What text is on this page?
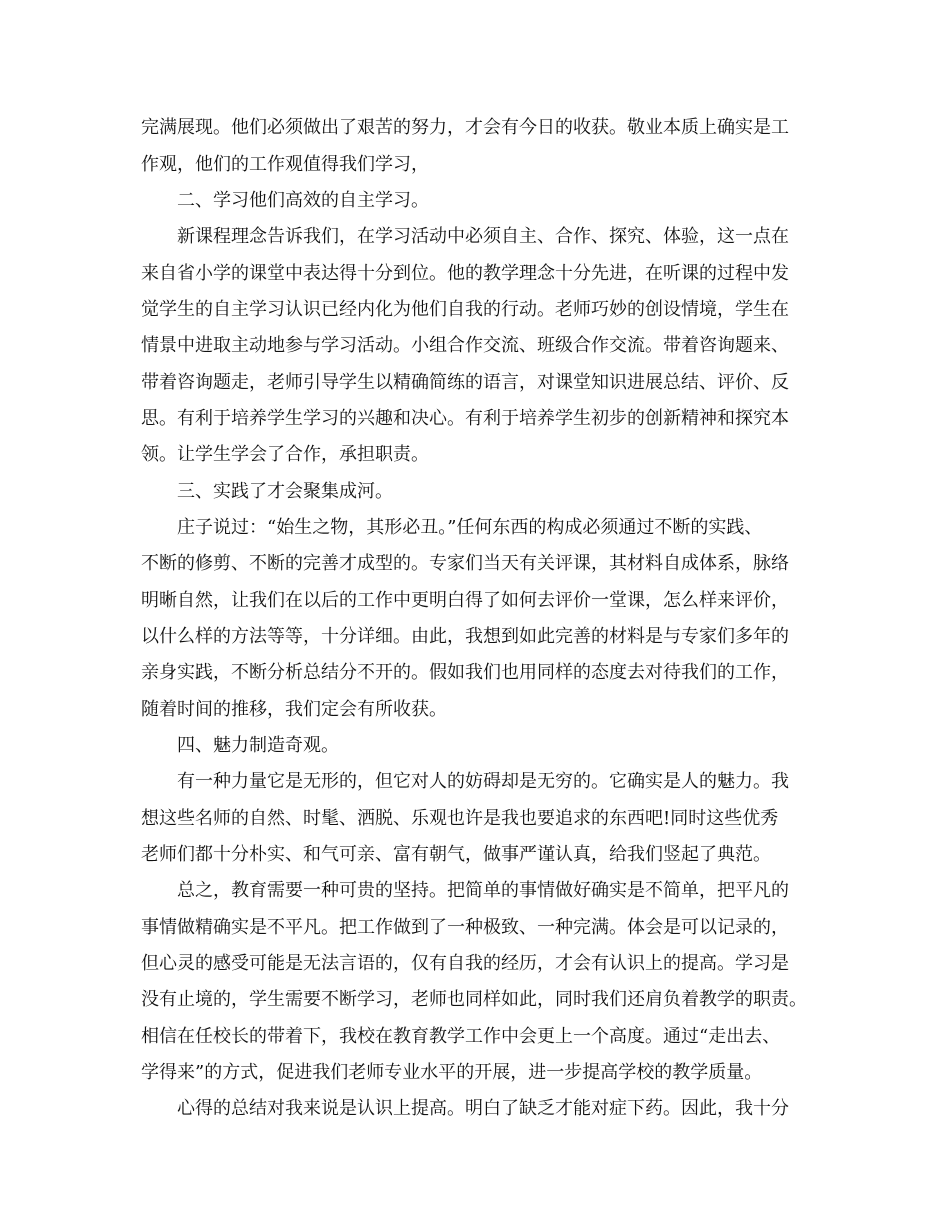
完满展现。他们必须做出了艰苦的努力，才会有今日的收获。敬业本质上确实是工

作观，他们的工作观值得我们学习，

二、学习他们高效的自主学习。

新课程理念告诉我们，在学习活动中必须自主、合作、探究、体验，这一点在

来自省小学的课堂中表达得十分到位。他的教学理念十分先进，在听课的过程中发

觉学生的自主学习认识已经内化为他们自我的行动。老师巧妙的创设情境，学生在

情景中进取主动地参与学习活动。小组合作交流、班级合作交流。带着咨询题来、

带着咨询题走，老师引导学生以精确简练的语言，对课堂知识进展总结、评价、反

思。有利于培养学生学习的兴趣和决心。有利于培养学生初步的创新精神和探究本

领。让学生学会了合作，承担职责。

三、实践了才会聚集成河。

庄子说过：“始生之物，其形必丑。”任何东西的构成必须通过不断的实践、

不断的修剪、不断的完善才成型的。专家们当天有关评课，其材料自成体系，脉络

明晰自然，让我们在以后的工作中更明白得了如何去评价一堂课，怎么样来评价，

以什么样的方法等等，十分详细。由此，我想到如此完善的材料是与专家们多年的

亲身实践，不断分析总结分不开的。假如我们也用同样的态度去对待我们的工作，

随着时间的推移，我们定会有所收获。

四、魅力制造奇观。

有一种力量它是无形的，但它对人的妨碍却是无穷的。它确实是人的魅力。我

想这些名师的自然、时髦、洒脱、乐观也许是我也要追求的东西吧!同时这些优秀

老师们都十分朴实、和气可亲、富有朝气，做事严谨认真，给我们竖起了典范。

总之，教育需要一种可贵的坚持。把简单的事情做好确实是不简单，把平凡的

事情做精确实是不平凡。把工作做到了一种极致、一种完满。体会是可以记录的，

但心灵的感受可能是无法言语的，仅有自我的经历，才会有认识上的提高。学习是

没有止境的，学生需要不断学习，老师也同样如此，同时我们还肩负着教学的职责。

相信在任校长的带着下，我校在教育教学工作中会更上一个高度。通过“走出去、

学得来”的方式，促进我们老师专业水平的开展，进一步提高学校的教学质量。

心得的总结对我来说是认识上提高。明白了缺乏才能对症下药。因此，我十分
